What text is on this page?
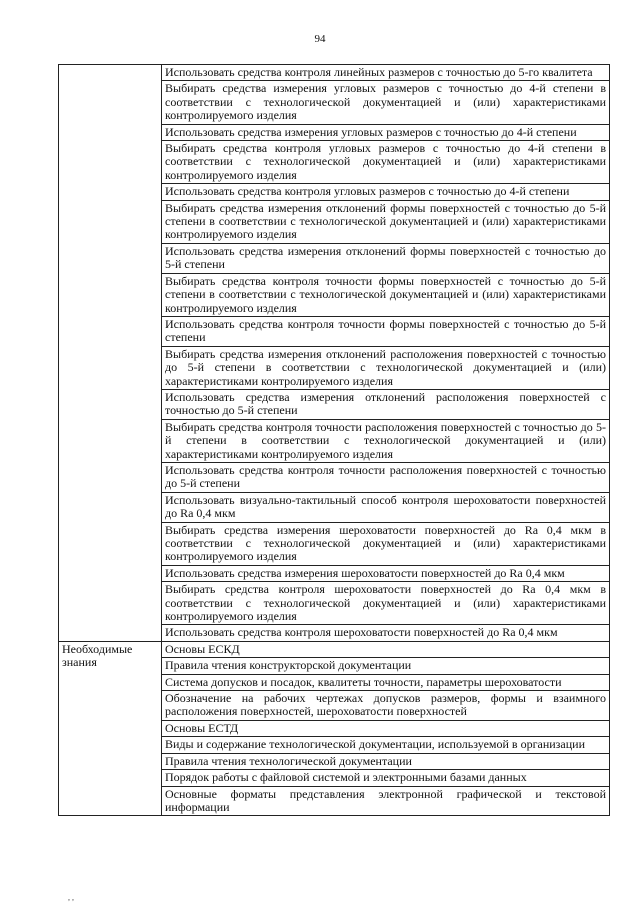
94
	Использовать средства контроля линейных размеров с точностью до 5-го квалитета
	Выбирать средства измерения угловых размеров с точностью до 4-й степени в соответствии с технологической документацией и (или) характеристиками контролируемого изделия
	Использовать средства измерения угловых размеров с точностью до 4-й степени
	Выбирать средства контроля угловых размеров с точностью до 4-й степени в соответствии с технологической документацией и (или) характеристиками контролируемого изделия
	Использовать средства контроля угловых размеров с точностью до 4-й степени
	Выбирать средства измерения отклонений формы поверхностей с точностью до 5-й степени в соответствии с технологической документацией и (или) характеристиками контролируемого изделия
	Использовать средства измерения отклонений формы поверхностей с точностью до 5-й степени
	Выбирать средства контроля точности формы поверхностей с точностью до 5-й степени в соответствии с технологической документацией и (или) характеристиками контролируемого изделия
	Использовать средства контроля точности формы поверхностей с точностью до 5-й степени
	Выбирать средства измерения отклонений расположения поверхностей с точностью до 5-й степени в соответствии с технологической документацией и (или) характеристиками контролируемого изделия
	Использовать средства измерения отклонений расположения поверхностей с точностью до 5-й степени
	Выбирать средства контроля точности расположения поверхностей с точностью до 5-й степени в соответствии с технологической документацией и (или) характеристиками контролируемого изделия
	Использовать средства контроля точности расположения поверхностей с точностью до 5-й степени
	Использовать визуально-тактильный способ контроля шероховатости поверхностей до Ra 0,4 мкм
	Выбирать средства измерения шероховатости поверхностей до Ra 0,4 мкм в соответствии с технологической документацией и (или) характеристиками контролируемого изделия
	Использовать средства измерения шероховатости поверхностей до Ra 0,4 мкм
	Выбирать средства контроля шероховатости поверхностей до Ra 0,4 мкм в соответствии с технологической документацией и (или) характеристиками контролируемого изделия
	Использовать средства контроля шероховатости поверхностей до Ra 0,4 мкм
Необходимые знания	Основы ЕСКД
	Правила чтения конструкторской документации
	Система допусков и посадок, квалитеты точности, параметры шероховатости
	Обозначение на рабочих чертежах допусков размеров, формы и взаимного расположения поверхностей, шероховатости поверхностей
	Основы ЕСТД
	Виды и содержание технологической документации, используемой в организации
	Правила чтения технологической документации
	Порядок работы с файловой системой и электронными базами данных
	Основные форматы представления электронной графической и текстовой информации
, ,
